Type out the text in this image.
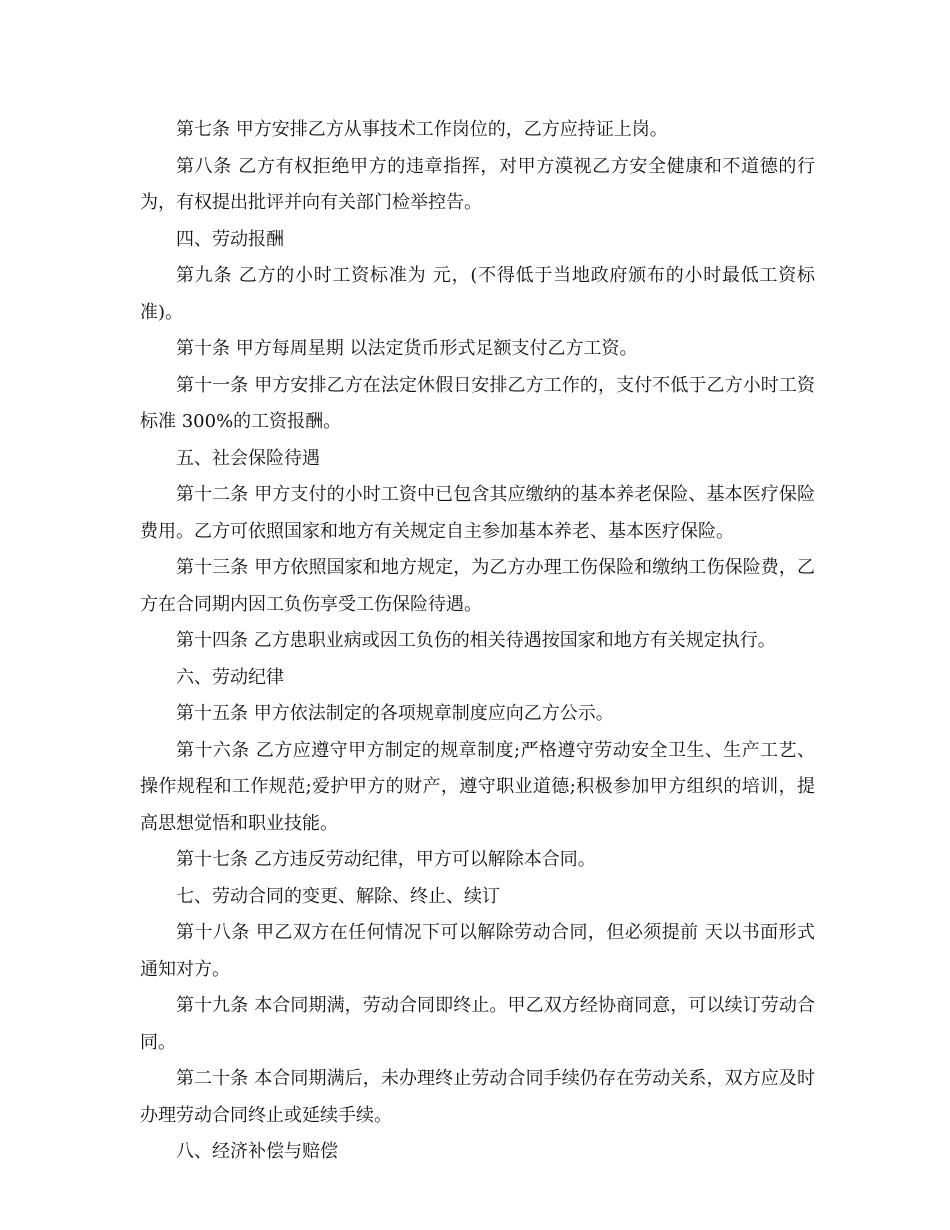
第七条 甲方安排乙方从事技术工作岗位的，乙方应持证上岗。

第八条 乙方有权拒绝甲方的违章指挥，对甲方漠视乙方安全健康和不道德的行为，有权提出批评并向有关部门检举控告。

四、劳动报酬

第九条 乙方的小时工资标准为 元，(不得低于当地政府颁布的小时最低工资标准)。

第十条 甲方每周星期 以法定货币形式足额支付乙方工资。

第十一条 甲方安排乙方在法定休假日安排乙方工作的，支付不低于乙方小时工资标准 300%的工资报酬。

五、社会保险待遇

第十二条 甲方支付的小时工资中已包含其应缴纳的基本养老保险、基本医疗保险费用。乙方可依照国家和地方有关规定自主参加基本养老、基本医疗保险。

第十三条 甲方依照国家和地方规定，为乙方办理工伤保险和缴纳工伤保险费，乙方在合同期内因工负伤享受工伤保险待遇。

第十四条 乙方患职业病或因工负伤的相关待遇按国家和地方有关规定执行。

六、劳动纪律

第十五条 甲方依法制定的各项规章制度应向乙方公示。

第十六条 乙方应遵守甲方制定的规章制度;严格遵守劳动安全卫生、生产工艺、操作规程和工作规范;爱护甲方的财产，遵守职业道德;积极参加甲方组织的培训，提高思想觉悟和职业技能。

第十七条 乙方违反劳动纪律，甲方可以解除本合同。

七、劳动合同的变更、解除、终止、续订

第十八条 甲乙双方在任何情况下可以解除劳动合同，但必须提前 天以书面形式通知对方。

第十九条 本合同期满，劳动合同即终止。甲乙双方经协商同意，可以续订劳动合同。

第二十条 本合同期满后，未办理终止劳动合同手续仍存在劳动关系，双方应及时办理劳动合同终止或延续手续。

八、经济补偿与赔偿
